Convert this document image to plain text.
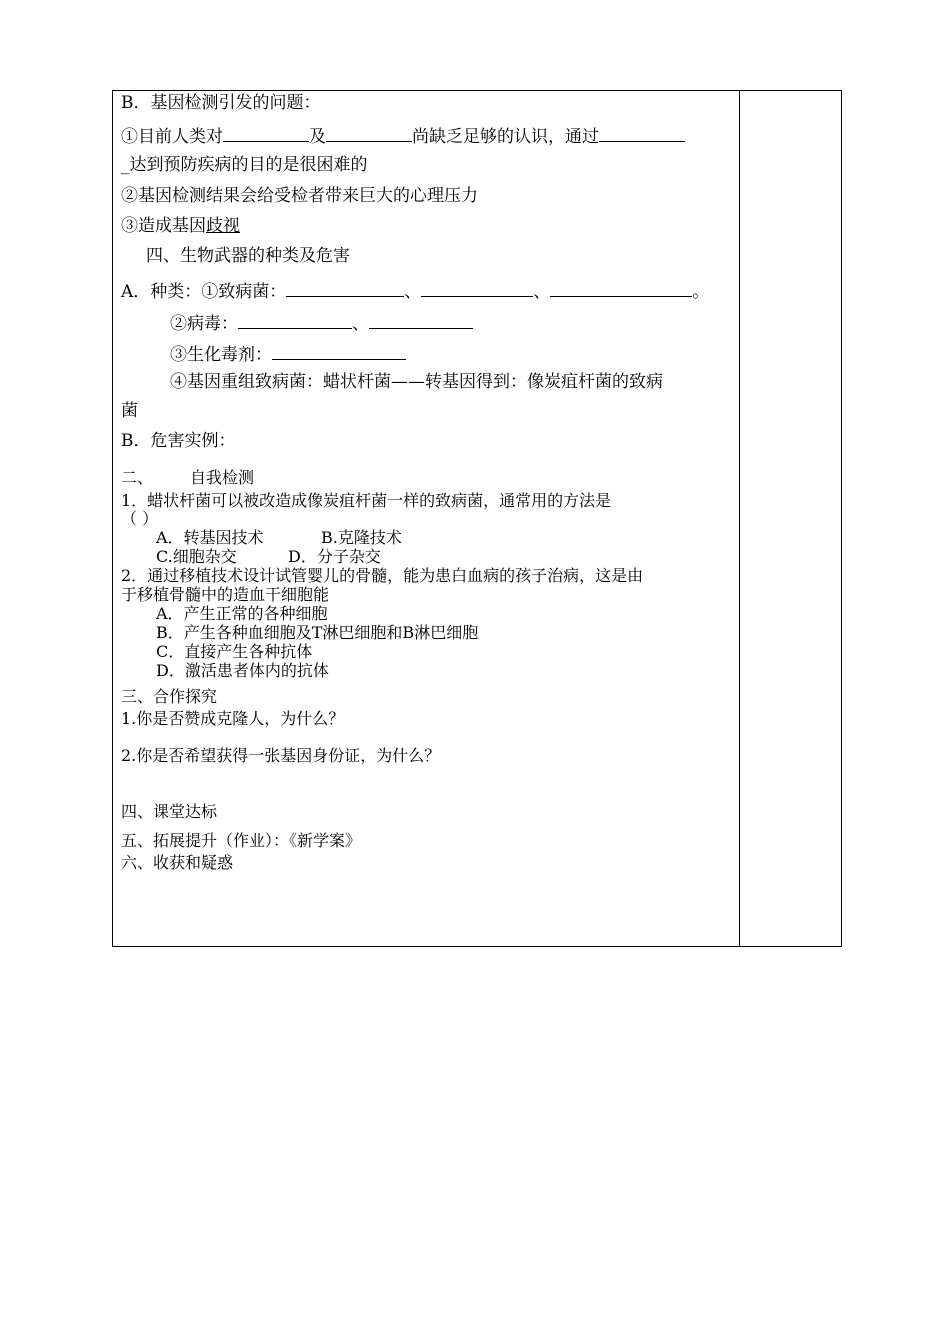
B．基因检测引发的问题：
①目前人类对	及	尚缺乏足够的认识，通过
_达到预防疾病的目的是很困难的
②基因检测结果会给受检者带来巨大的心理压力
③造成基因歧视
四、生物武器的种类及危害
A．种类：①致病菌：	、	、	。
②病毒：	、
③生化毒剂：
④基因重组致病菌：蜡状杆菌——转基因得到：像炭疽杆菌的致病
菌
B．危害实例：
二、 自我检测
1．蜡状杆菌可以被改造成像炭疽杆菌一样的致病菌，通常用的方法是
（ ）
A．转基因技术	B.克隆技术
C.细胞杂交	D．分子杂交
2．通过移植技术设计试管婴儿的骨髓，能为患白血病的孩子治病，这是由
于移植骨髓中的造血干细胞能
A．产生正常的各种细胞
B．产生各种血细胞及T淋巴细胞和B淋巴细胞
C．直接产生各种抗体
D．激活患者体内的抗体
三、合作探究
1.你是否赞成克隆人，为什么？
2.你是否希望获得一张基因身份证，为什么？
四、课堂达标
五、拓展提升（作业）：《新学案》
六、收获和疑惑
